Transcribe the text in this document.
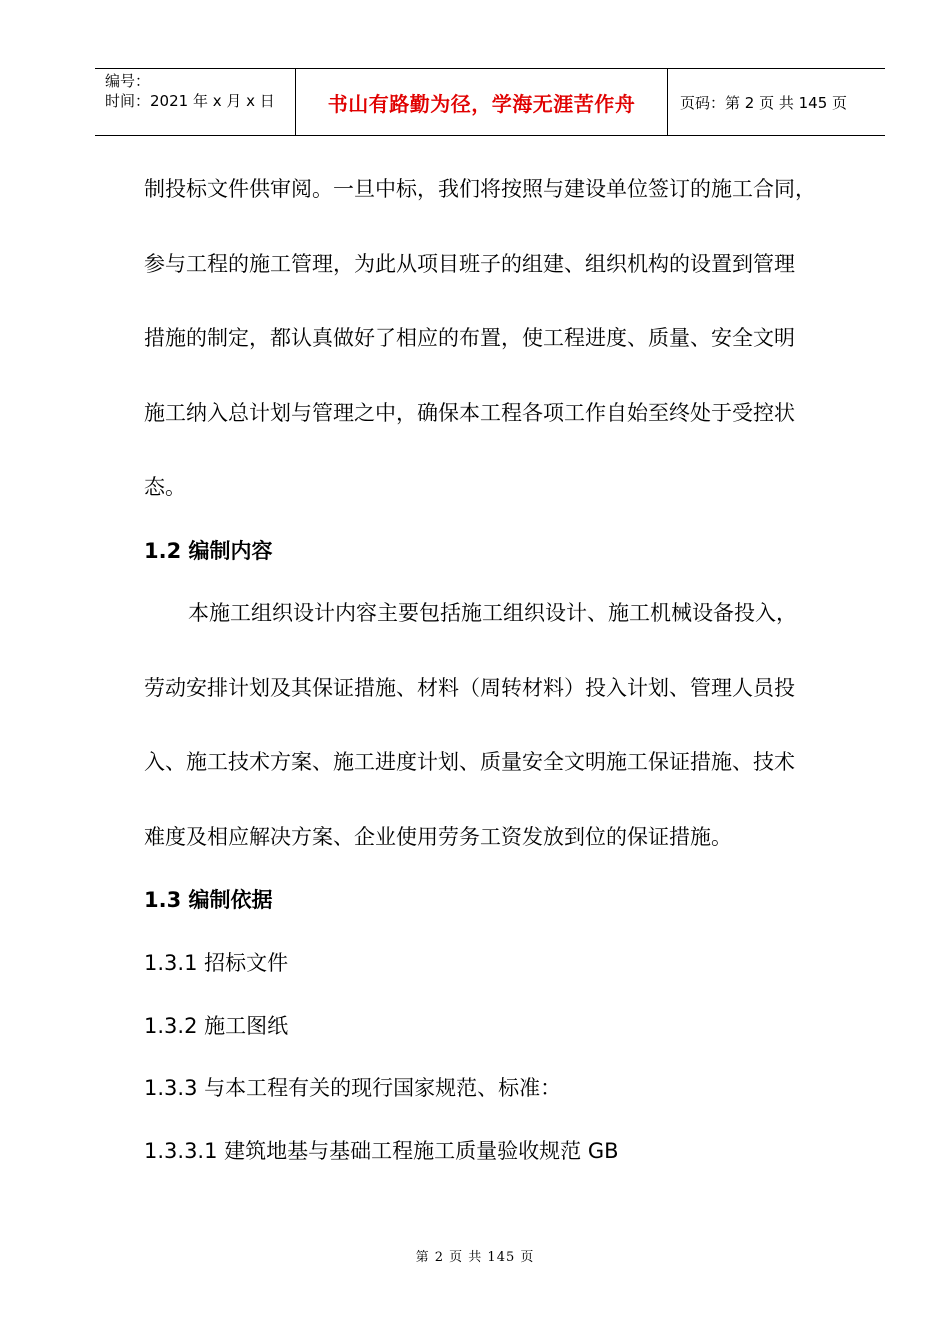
编号：
时间：2021 年 x 月 x 日	书山有路勤为径，学海无涯苦作舟	页码：第 2 页 共 145 页
制投标文件供审阅。一旦中标，我们将按照与建设单位签订的施工合同，
参与工程的施工管理，为此从项目班子的组建、组织机构的设置到管理
措施的制定，都认真做好了相应的布置，使工程进度、质量、安全文明
施工纳入总计划与管理之中，确保本工程各项工作自始至终处于受控状
态。
1.2 编制内容
本施工组织设计内容主要包括施工组织设计、施工机械设备投入，
劳动安排计划及其保证措施、材料（周转材料）投入计划、管理人员投
入、施工技术方案、施工进度计划、质量安全文明施工保证措施、技术
难度及相应解决方案、企业使用劳务工资发放到位的保证措施。
1.3 编制依据
1.3.1 招标文件
1.3.2 施工图纸
1.3.3 与本工程有关的现行国家规范、标准：
1.3.3.1 建筑地基与基础工程施工质量验收规范 GB
第 2 页 共 145 页
